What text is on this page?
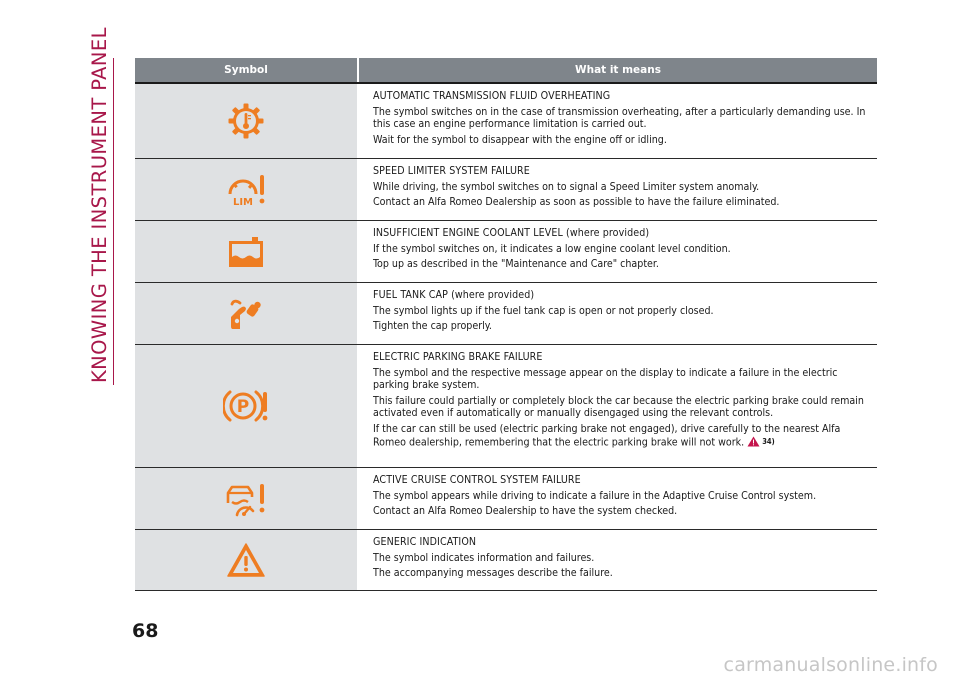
KNOWING THE INSTRUMENT PANEL	Symbol	What it means
AUTOMATIC TRANSMISSION FLUID OVERHEATING
The symbol switches on in the case of transmission overheating, after a particularly demanding use. In this case an engine performance limitation is carried out.
Wait for the symbol to disappear with the engine off or idling.
LIM
SPEED LIMITER SYSTEM FAILURE
While driving, the symbol switches on to signal a Speed Limiter system anomaly.
Contact an Alfa Romeo Dealership as soon as possible to have the failure eliminated.
INSUFFICIENT ENGINE COOLANT LEVEL (where provided)
If the symbol switches on, it indicates a low engine coolant level condition.
Top up as described in the "Maintenance and Care" chapter.
FUEL TANK CAP (where provided)
The symbol lights up if the fuel tank cap is open or not properly closed.
Tighten the cap properly.
P
ELECTRIC PARKING BRAKE FAILURE
The symbol and the respective message appear on the display to indicate a failure in the electric parking brake system.
This failure could partially or completely block the car because the electric parking brake could remain activated even if automatically or manually disengaged using the relevant controls.
If the car can still be used (electric parking brake not engaged), drive carefully to the nearest Alfa Romeo dealership, remembering that the electric parking brake will not work. 34)
ACTIVE CRUISE CONTROL SYSTEM FAILURE
The symbol appears while driving to indicate a failure in the Adaptive Cruise Control system.
Contact an Alfa Romeo Dealership to have the system checked.
GENERIC INDICATION
The symbol indicates information and failures.
The accompanying messages describe the failure.
68
carmanualsonline.info
